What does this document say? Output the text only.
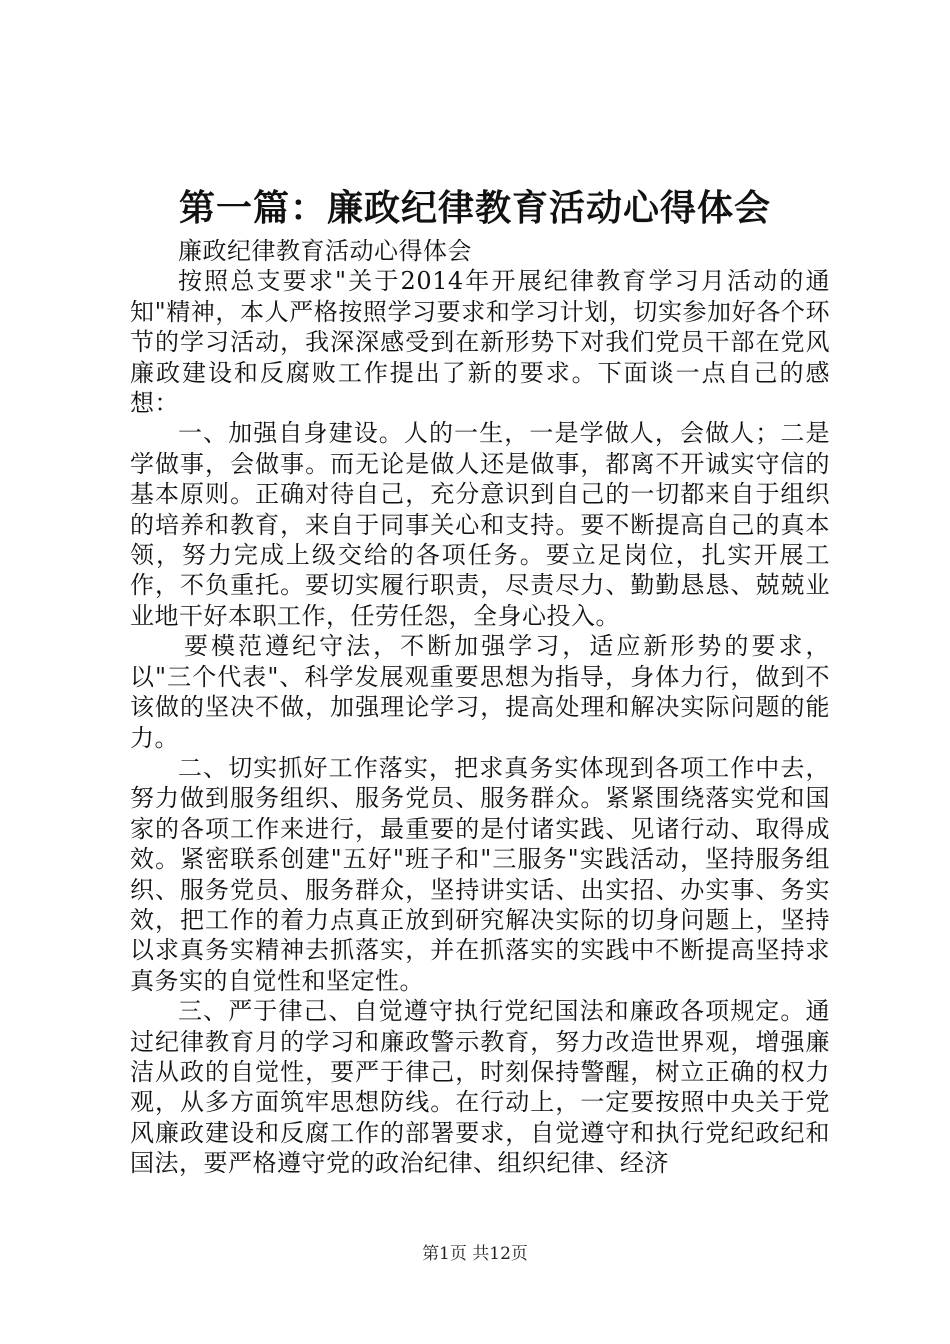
第一篇：廉政纪律教育活动心得体会

廉政纪律教育活动心得体会

按照总支要求"关于2014年开展纪律教育学习月活动的通知"精神，本人严格按照学习要求和学习计划，切实参加好各个环节的学习活动，我深深感受到在新形势下对我们党员干部在党风廉政建设和反腐败工作提出了新的要求。下面谈一点自己的感想：

一、加强自身建设。人的一生，一是学做人，会做人；二是学做事，会做事。而无论是做人还是做事，都离不开诚实守信的基本原则。正确对待自己，充分意识到自己的一切都来自于组织的培养和教育，来自于同事关心和支持。要不断提高自己的真本领，努力完成上级交给的各项任务。要立足岗位，扎实开展工作，不负重托。要切实履行职责，尽责尽力、勤勤恳恳、兢兢业业地干好本职工作，任劳任怨，全身心投入。

要模范遵纪守法，不断加强学习，适应新形势的要求，以"三个代表"、科学发展观重要思想为指导，身体力行，做到不该做的坚决不做，加强理论学习，提高处理和解决实际问题的能力。

二、切实抓好工作落实，把求真务实体现到各项工作中去，努力做到服务组织、服务党员、服务群众。紧紧围绕落实党和国家的各项工作来进行，最重要的是付诸实践、见诸行动、取得成效。紧密联系创建"五好"班子和"三服务"实践活动，坚持服务组织、服务党员、服务群众，坚持讲实话、出实招、办实事、务实效，把工作的着力点真正放到研究解决实际的切身问题上，坚持以求真务实精神去抓落实，并在抓落实的实践中不断提高坚持求真务实的自觉性和坚定性。

三、严于律己、自觉遵守执行党纪国法和廉政各项规定。通过纪律教育月的学习和廉政警示教育，努力改造世界观，增强廉洁从政的自觉性，要严于律己，时刻保持警醒，树立正确的权力观，从多方面筑牢思想防线。在行动上，一定要按照中央关于党风廉政建设和反腐工作的部署要求，自觉遵守和执行党纪政纪和国法，要严格遵守党的政治纪律、组织纪律、经济

第1页 共12页
